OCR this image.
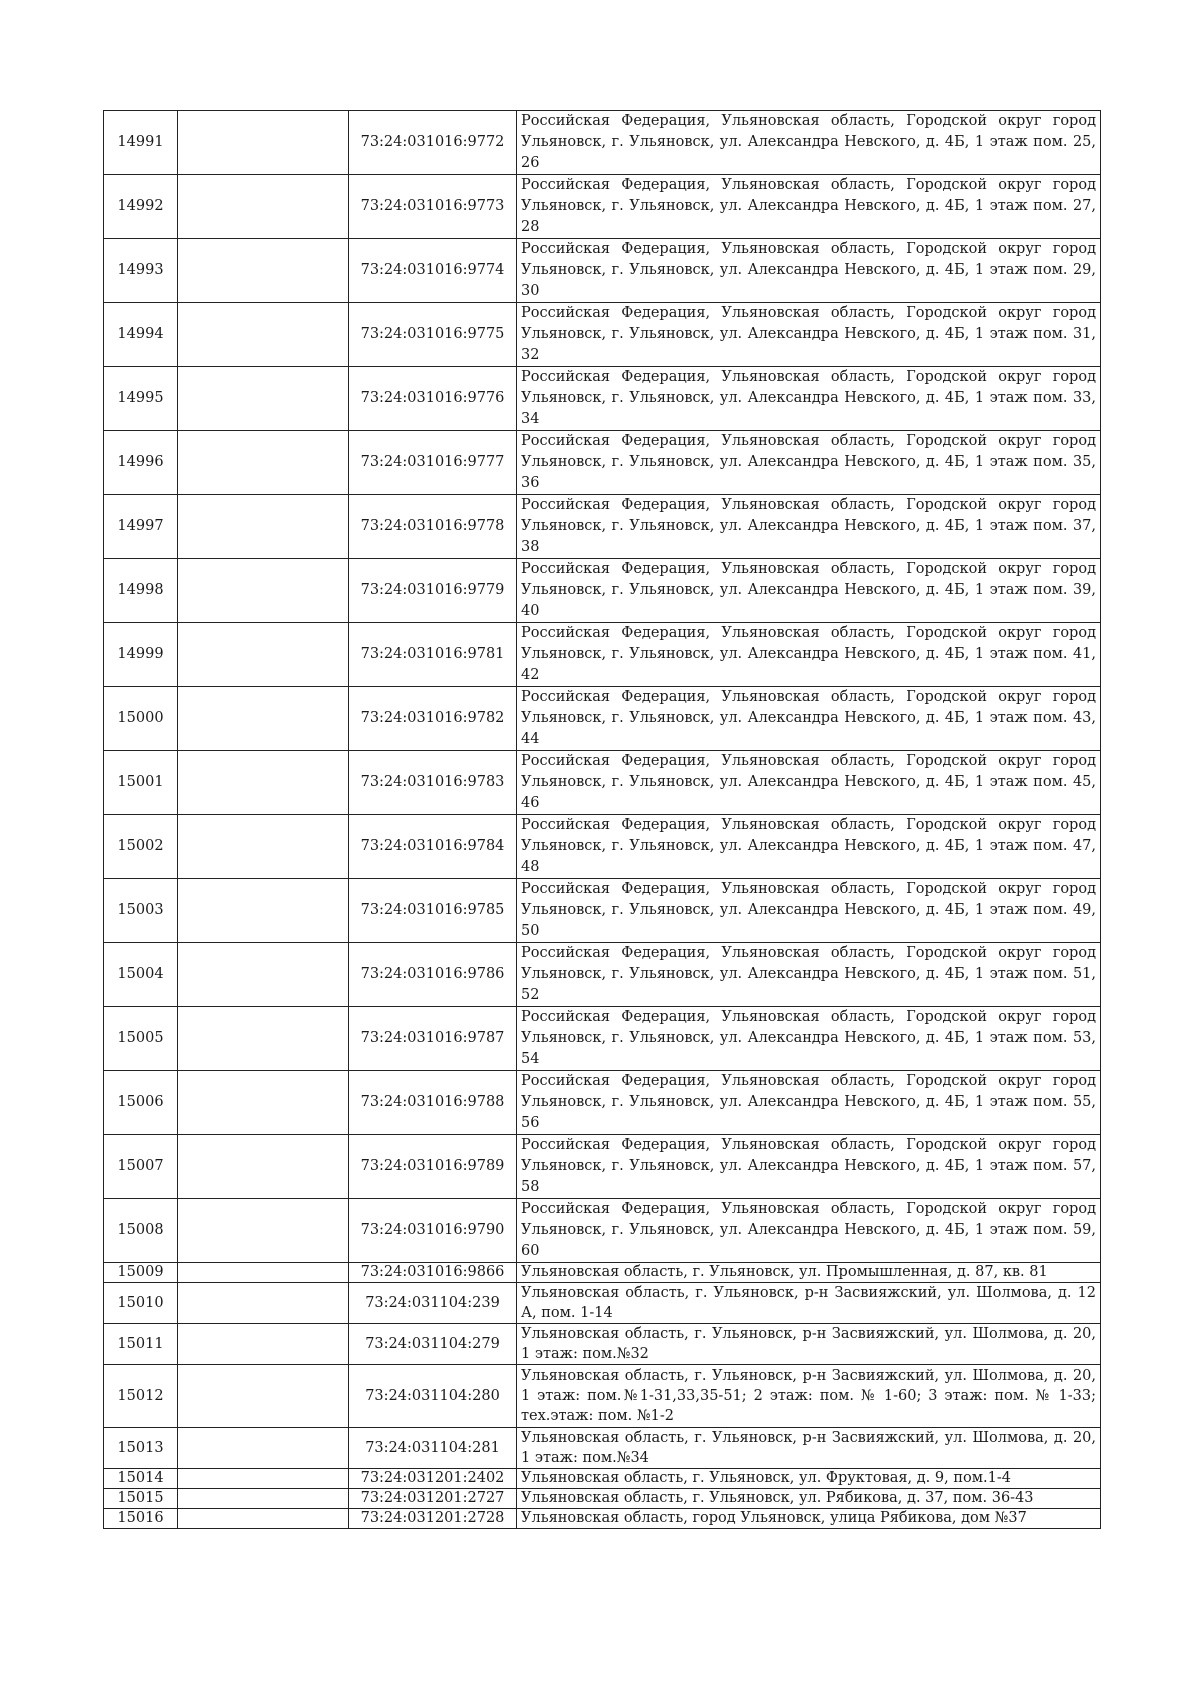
14991		73:24:031016:9772	Российская Федерация, Ульяновская область, Городской округ город Ульяновск, г. Ульяновск, ул. Александра Невского, д. 4Б, 1 этаж пом. 25, 26
14992		73:24:031016:9773	Российская Федерация, Ульяновская область, Городской округ город Ульяновск, г. Ульяновск, ул. Александра Невского, д. 4Б, 1 этаж пом. 27, 28
14993		73:24:031016:9774	Российская Федерация, Ульяновская область, Городской округ город Ульяновск, г. Ульяновск, ул. Александра Невского, д. 4Б, 1 этаж пом. 29, 30
14994		73:24:031016:9775	Российская Федерация, Ульяновская область, Городской округ город Ульяновск, г. Ульяновск, ул. Александра Невского, д. 4Б, 1 этаж пом. 31, 32
14995		73:24:031016:9776	Российская Федерация, Ульяновская область, Городской округ город Ульяновск, г. Ульяновск, ул. Александра Невского, д. 4Б, 1 этаж пом. 33, 34
14996		73:24:031016:9777	Российская Федерация, Ульяновская область, Городской округ город Ульяновск, г. Ульяновск, ул. Александра Невского, д. 4Б, 1 этаж пом. 35, 36
14997		73:24:031016:9778	Российская Федерация, Ульяновская область, Городской округ город Ульяновск, г. Ульяновск, ул. Александра Невского, д. 4Б, 1 этаж пом. 37, 38
14998		73:24:031016:9779	Российская Федерация, Ульяновская область, Городской округ город Ульяновск, г. Ульяновск, ул. Александра Невского, д. 4Б, 1 этаж пом. 39, 40
14999		73:24:031016:9781	Российская Федерация, Ульяновская область, Городской округ город Ульяновск, г. Ульяновск, ул. Александра Невского, д. 4Б, 1 этаж пом. 41, 42
15000		73:24:031016:9782	Российская Федерация, Ульяновская область, Городской округ город Ульяновск, г. Ульяновск, ул. Александра Невского, д. 4Б, 1 этаж пом. 43, 44
15001		73:24:031016:9783	Российская Федерация, Ульяновская область, Городской округ город Ульяновск, г. Ульяновск, ул. Александра Невского, д. 4Б, 1 этаж пом. 45, 46
15002		73:24:031016:9784	Российская Федерация, Ульяновская область, Городской округ город Ульяновск, г. Ульяновск, ул. Александра Невского, д. 4Б, 1 этаж пом. 47, 48
15003		73:24:031016:9785	Российская Федерация, Ульяновская область, Городской округ город Ульяновск, г. Ульяновск, ул. Александра Невского, д. 4Б, 1 этаж пом. 49, 50
15004		73:24:031016:9786	Российская Федерация, Ульяновская область, Городской округ город Ульяновск, г. Ульяновск, ул. Александра Невского, д. 4Б, 1 этаж пом. 51, 52
15005		73:24:031016:9787	Российская Федерация, Ульяновская область, Городской округ город Ульяновск, г. Ульяновск, ул. Александра Невского, д. 4Б, 1 этаж пом. 53, 54
15006		73:24:031016:9788	Российская Федерация, Ульяновская область, Городской округ город Ульяновск, г. Ульяновск, ул. Александра Невского, д. 4Б, 1 этаж пом. 55, 56
15007		73:24:031016:9789	Российская Федерация, Ульяновская область, Городской округ город Ульяновск, г. Ульяновск, ул. Александра Невского, д. 4Б, 1 этаж пом. 57, 58
15008		73:24:031016:9790	Российская Федерация, Ульяновская область, Городской округ город Ульяновск, г. Ульяновск, ул. Александра Невского, д. 4Б, 1 этаж пом. 59, 60
15009		73:24:031016:9866	Ульяновская область, г. Ульяновск, ул. Промышленная, д. 87, кв. 81
15010		73:24:031104:239	Ульяновская область, г. Ульяновск, р-н Засвияжский, ул. Шолмова, д. 12 А, пом. 1-14
15011		73:24:031104:279	Ульяновская область, г. Ульяновск, р-н Засвияжский, ул. Шолмова, д. 20, 1 этаж: пом.№32
15012		73:24:031104:280	Ульяновская область, г. Ульяновск, р-н Засвияжский, ул. Шолмова, д. 20, 1 этаж: пом.№1-31,33,35-51; 2 этаж: пом. № 1-60; 3 этаж: пом. № 1-33; тех.этаж: пом. №1-2
15013		73:24:031104:281	Ульяновская область, г. Ульяновск, р-н Засвияжский, ул. Шолмова, д. 20, 1 этаж: пом.№34
15014		73:24:031201:2402	Ульяновская область, г. Ульяновск, ул. Фруктовая, д. 9, пом.1-4
15015		73:24:031201:2727	Ульяновская область, г. Ульяновск, ул. Рябикова, д. 37, пом. 36-43
15016		73:24:031201:2728	Ульяновская область, город Ульяновск, улица Рябикова, дом №37
